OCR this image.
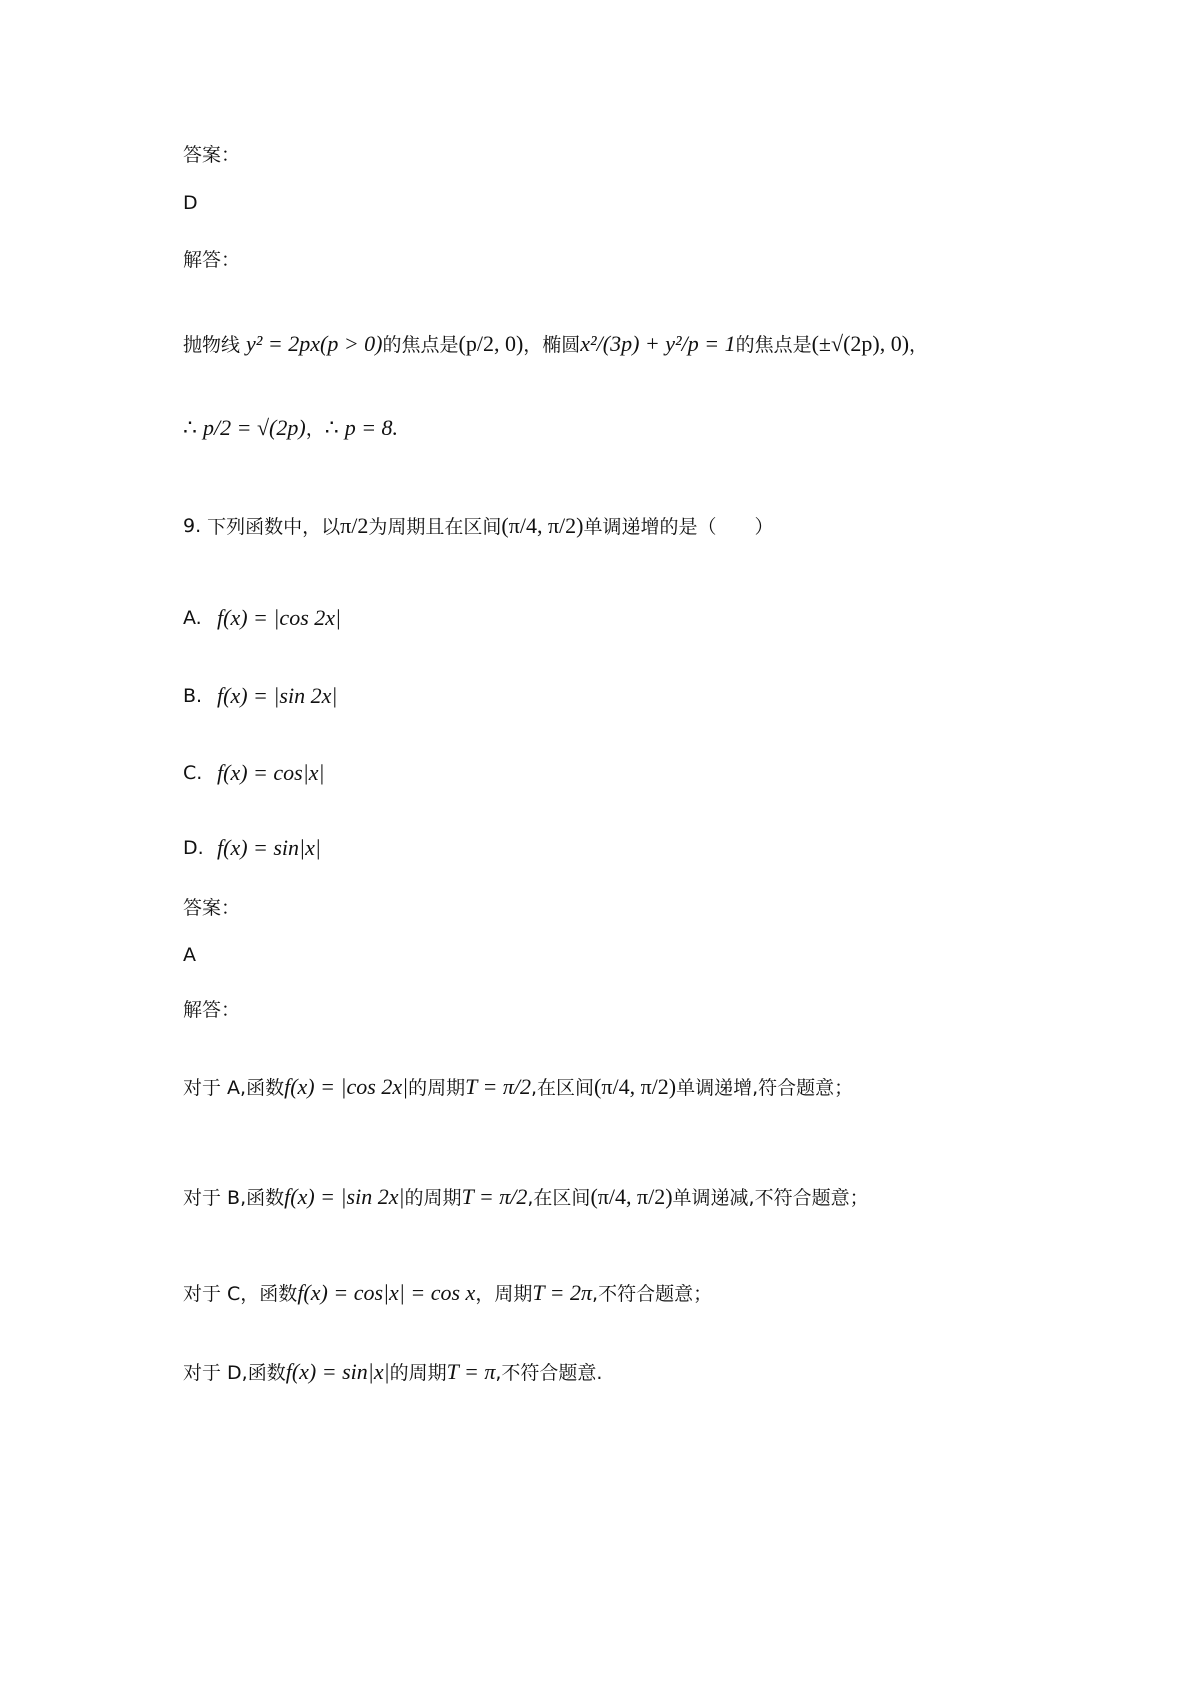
答案：
D
解答：
抛物线 y² = 2px(p > 0) 的焦点是 (p/2, 0) ，椭圆 x²/(3p) + y²/p = 1 的焦点是 (±√(2p), 0) ，
∴ p/2 = √(2p) ， ∴ p = 8.
9. 下列函数中，以 π/2 为周期且在区间 (π/4, π/2) 单调递增的是（　　）
A. f(x) = |cos 2x|
B. f(x) = |sin 2x|
C. f(x) = cos|x|
D. f(x) = sin|x|
答案：
A
解答：
对于 A,函数 f(x) = |cos 2x| 的周期 T = π/2 ,在区间 (π/4, π/2) 单调递增,符合题意；
对于 B,函数 f(x) = |sin 2x| 的周期 T = π/2 ,在区间 (π/4, π/2) 单调递减,不符合题意；
对于 C，函数 f(x) = cos|x| = cos x ，周期 T = 2π ,不符合题意；
对于 D,函数 f(x) = sin|x| 的周期 T = π ,不符合题意.
